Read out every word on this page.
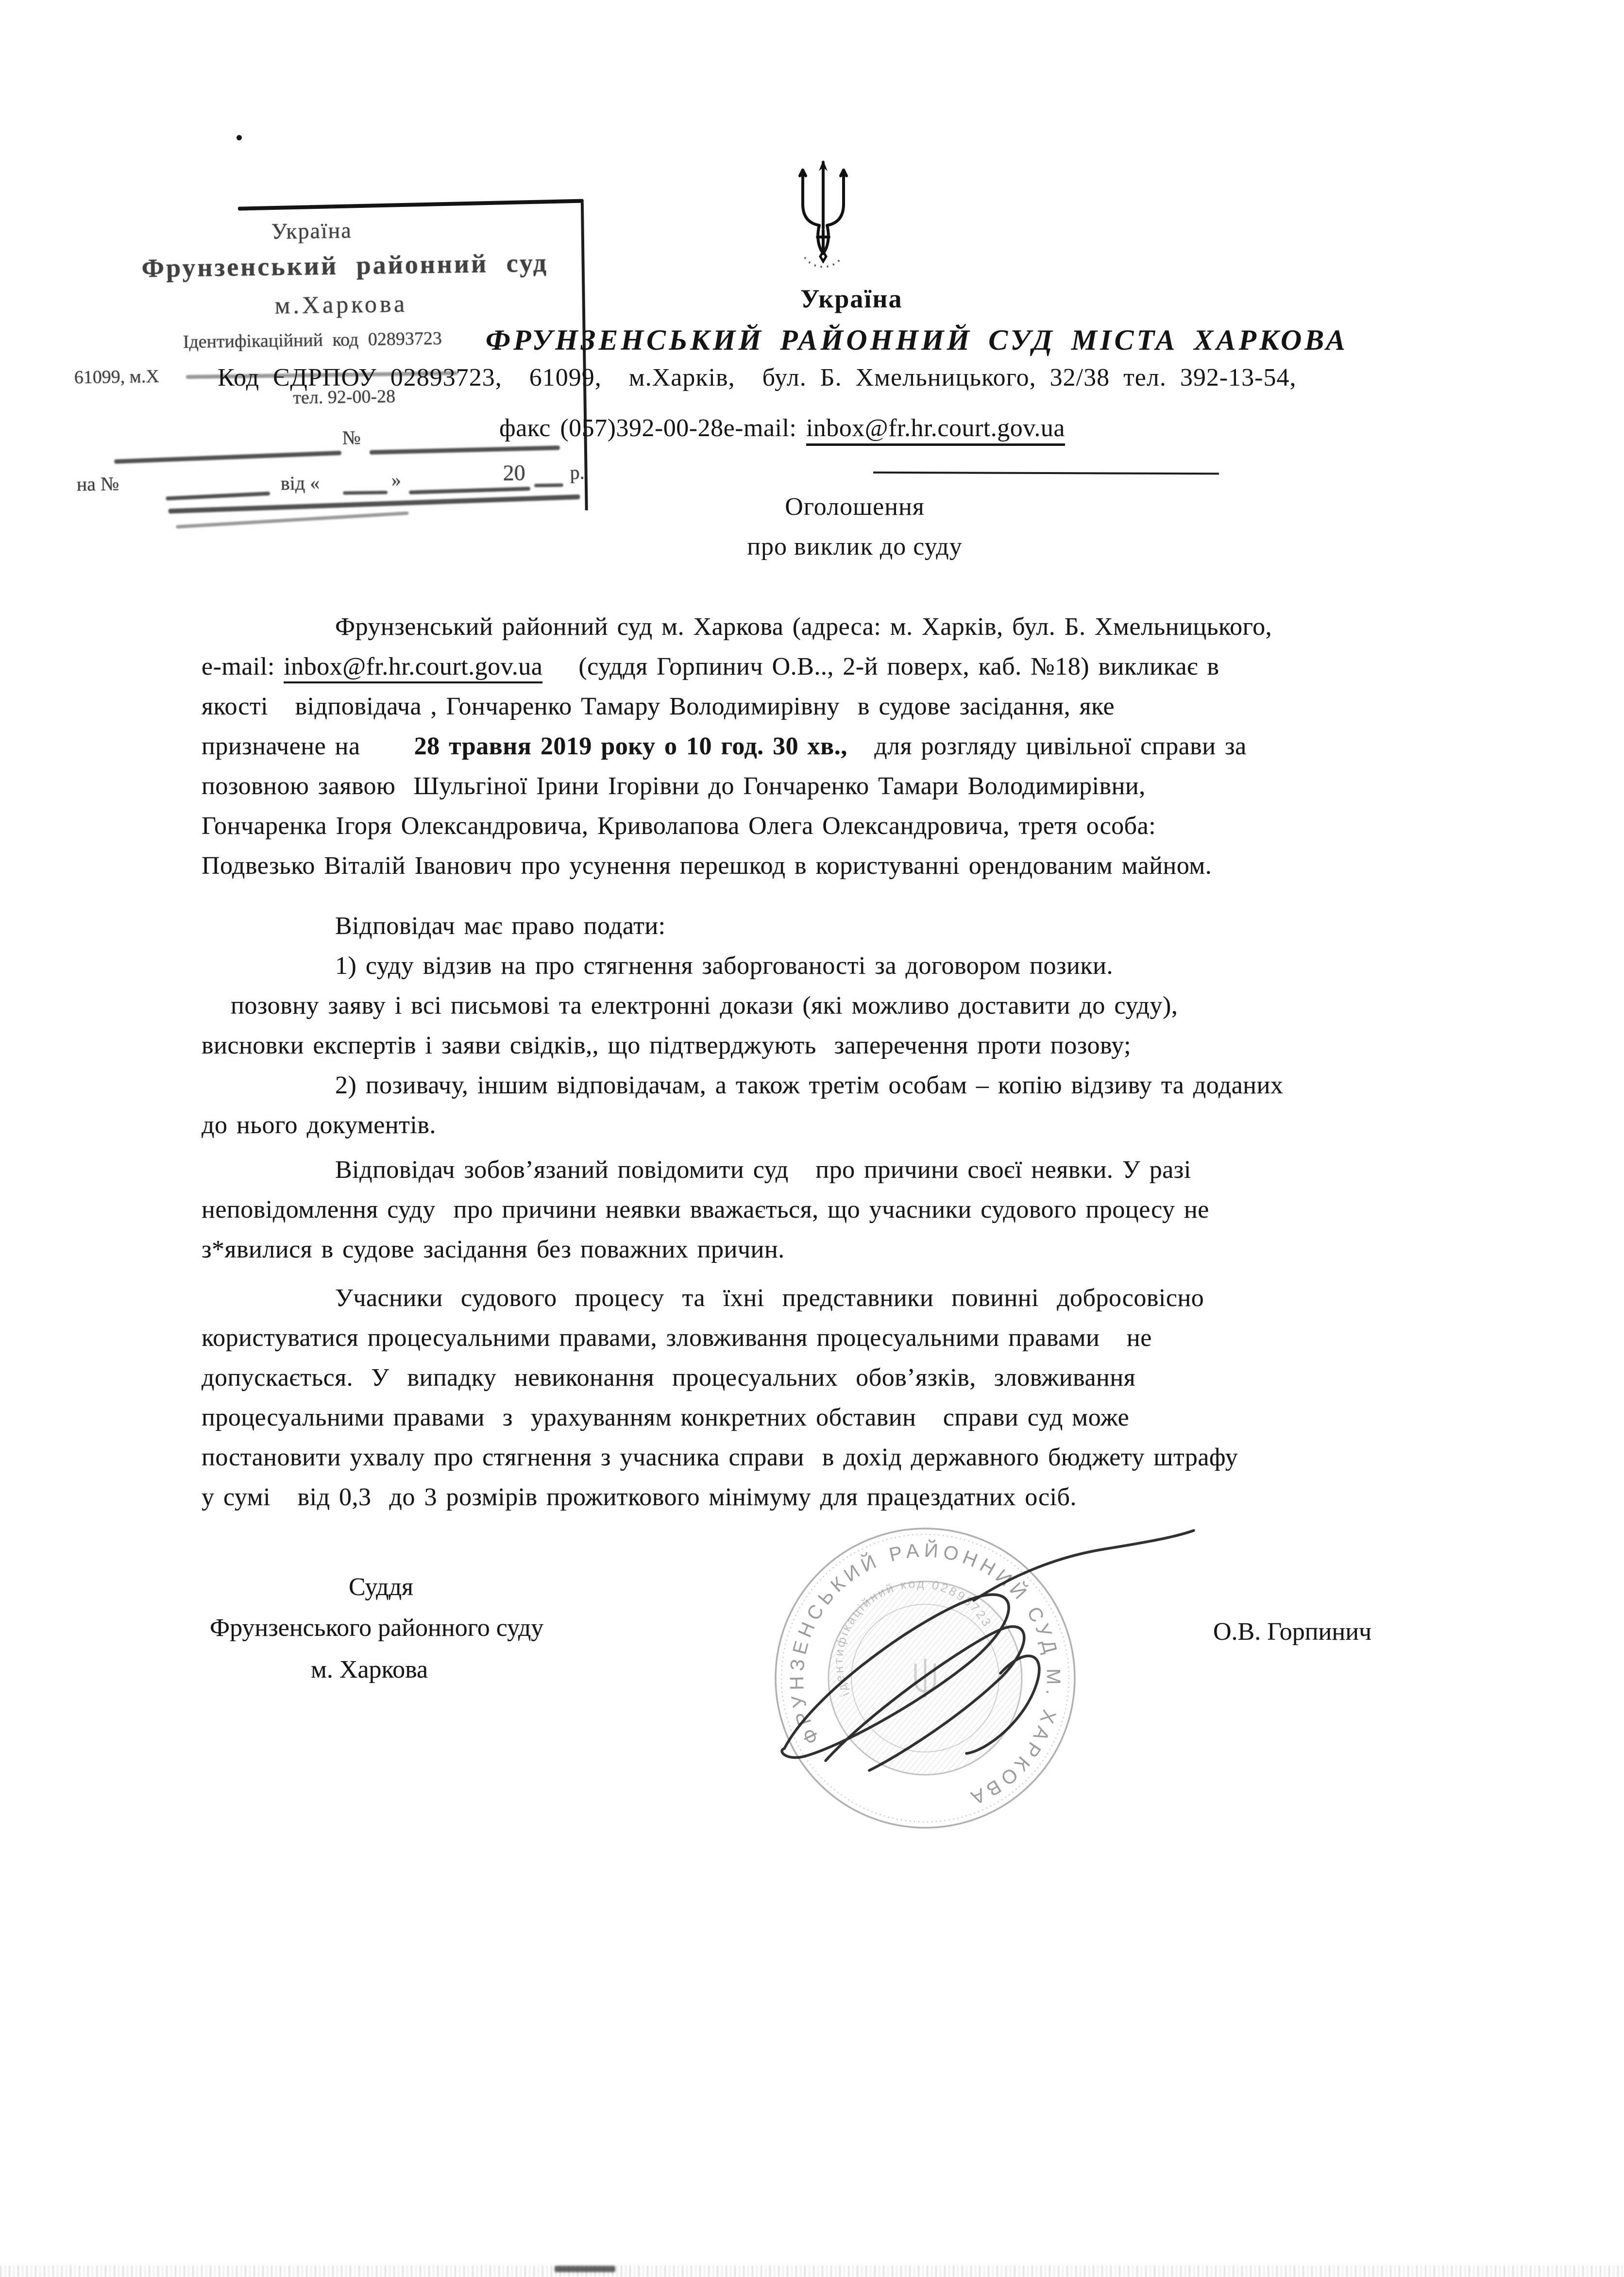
Україна
Фрунзенський районний суд
м.Харкова
Ідентифікаційний код 02893723
61099, м.Х
тел. 92-00-28
№
на №	від «	»	20 р.
Україна
ФРУНЗЕНСЬКИЙ РАЙОННИЙ СУД МІСТА ХАРКОВА
Код ЄДРПОУ 02893723,  61099,  м.Харків,  бул. Б. Хмельницького, 32/38 тел. 392-13-54,
факс (057)392-00-28e-mail: inbox@fr.hr.court.gov.ua
Оголошення
про виклик до суду
Фрунзенський районний суд м. Харкова (адреса: м. Харків, бул. Б. Хмельницького,
e-mail: inbox@fr.hr.court.gov.ua    (суддя Горпинич О.В.., 2-й поверх, каб. №18) викликає в
якості   відповідача , Гончаренко Тамару Володимирівну  в судове засідання, яке
призначене на      28 травня 2019 року о 10 год. 30 хв.,   для розгляду цивільної справи за
позовною заявою  Шульгіної Ірини Ігорівни до Гончаренко Тамари Володимирівни,
Гончаренка Ігоря Олександровича, Криволапова Олега Олександровича, третя особа:
Подвезько Віталій Іванович про усунення перешкод в користуванні орендованим майном.
Відповідач має право подати:
1) суду відзив на про стягнення заборгованості за договором позики.
позовну заяву і всі письмові та електронні докази (які можливо доставити до суду),
висновки експертів і заяви свідків,, що підтверджують  заперечення проти позову;
2) позивачу, іншим відповідачам, а також третім особам – копію відзиву та доданих
до нього документів.
Відповідач зобов’язаний повідомити суд   про причини своєї неявки. У разі
неповідомлення суду  про причини неявки вважається, що учасники судового процесу не
з*явилися в судове засідання без поважних причин.
Учасники  судового  процесу  та  їхні  представники  повинні  добросовісно
користуватися процесуальними правами, зловживання процесуальними правами   не
допускається.  У  випадку  невиконання  процесуальних  обов’язків,  зловживання
процесуальними правами  з  урахуванням конкретних обставин   справи суд може
постановити ухвалу про стягнення з учасника справи  в дохід державного бюджету штрафу
у сумі   від 0,3  до 3 розмірів прожиткового мінімуму для працездатних осіб.
Суддя
Фрунзенського районного суду
м. Харкова
О.В. Горпинич
ФРУНЗЕНСЬКИЙ РАЙОННИЙ СУД М. ХАРКОВА
ідентифікаційний код 02893723
